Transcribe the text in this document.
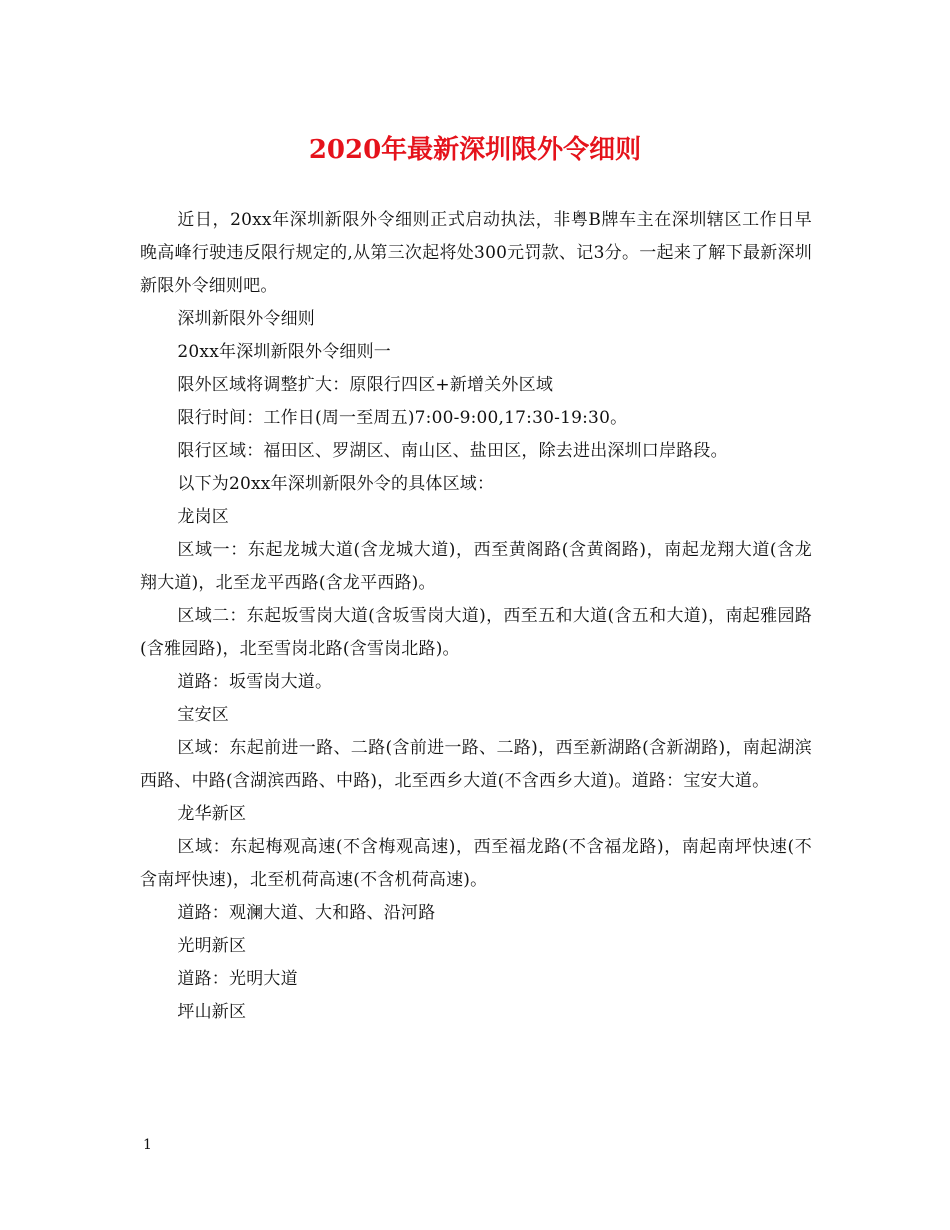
2020年最新深圳限外令细则

近日，20xx年深圳新限外令细则正式启动执法，非粤B牌车主在深圳辖区工作日早晚高峰行驶违反限行规定的,从第三次起将处300元罚款、记3分。一起来了解下最新深圳新限外令细则吧。

深圳新限外令细则

20xx年深圳新限外令细则一

限外区域将调整扩大：原限行四区+新增关外区域

限行时间：工作日(周一至周五)7:00-9:00,17:30-19:30。

限行区域：福田区、罗湖区、南山区、盐田区，除去进出深圳口岸路段。

以下为20xx年深圳新限外令的具体区域：

龙岗区

区域一：东起龙城大道(含龙城大道)，西至黄阁路(含黄阁路)，南起龙翔大道(含龙翔大道)，北至龙平西路(含龙平西路)。

区域二：东起坂雪岗大道(含坂雪岗大道)，西至五和大道(含五和大道)，南起雅园路(含雅园路)，北至雪岗北路(含雪岗北路)。

道路：坂雪岗大道。

宝安区

区域：东起前进一路、二路(含前进一路、二路)，西至新湖路(含新湖路)，南起湖滨西路、中路(含湖滨西路、中路)，北至西乡大道(不含西乡大道)。道路：宝安大道。

龙华新区

区域：东起梅观高速(不含梅观高速)，西至福龙路(不含福龙路)，南起南坪快速(不含南坪快速)，北至机荷高速(不含机荷高速)。

道路：观澜大道、大和路、沿河路

光明新区

道路：光明大道

坪山新区

1
